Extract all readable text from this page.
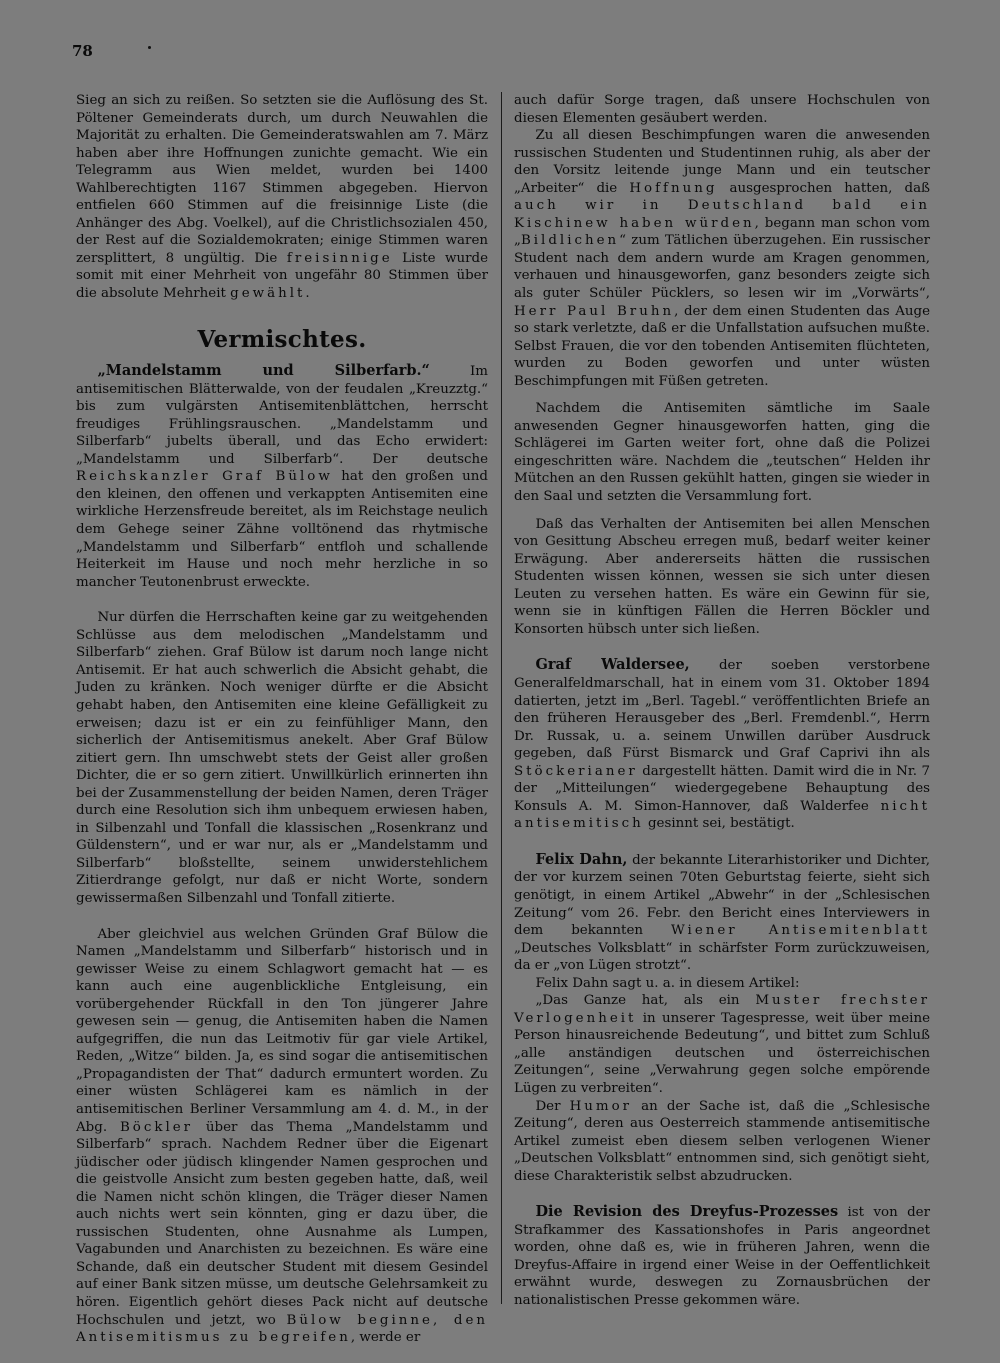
78

Sieg an sich zu reißen. So setzten sie die Auflösung des St. Pöltener Gemeinderats durch, um durch Neuwahlen die Majorität zu erhalten. Die Gemeinderatswahlen am 7. März haben aber ihre Hoffnungen zunichte gemacht. Wie ein Telegramm aus Wien meldet, wurden bei 1400 Wahlberechtigten 1167 Stimmen abgegeben. Hiervon entfielen 660 Stimmen auf die freisinnige Liste (die Anhänger des Abg. Voelkel), auf die Christlichsozialen 450, der Rest auf die Sozialdemokraten; einige Stimmen waren zersplittert, 8 ungültig. Die freisinnige Liste wurde somit mit einer Mehrheit von ungefähr 80 Stimmen über die absolute Mehrheit gewählt.

Vermischtes.

„Mandelstamm und Silberfarb.“ Im antisemitischen Blätterwalde, von der feudalen „Kreuzztg.“ bis zum vulgärsten Antisemitenblättchen, herrscht freudiges Frühlingsrauschen. „Mandelstamm und Silberfarb“ jubelts überall, und das Echo erwidert: „Mandelstamm und Silberfarb“. Der deutsche Reichskanzler Graf Bülow hat den großen und den kleinen, den offenen und verkappten Antisemiten eine wirkliche Herzensfreude bereitet, als im Reichstage neulich dem Gehege seiner Zähne volltönend das rhytmische „Mandelstamm und Silberfarb“ entfloh und schallende Heiterkeit im Hause und noch mehr herzliche in so mancher Teutonenbrust erweckte.

Nur dürfen die Herrschaften keine gar zu weitgehenden Schlüsse aus dem melodischen „Mandelstamm und Silberfarb“ ziehen. Graf Bülow ist darum noch lange nicht Antisemit. Er hat auch schwerlich die Absicht gehabt, die Juden zu kränken. Noch weniger dürfte er die Absicht gehabt haben, den Antisemiten eine kleine Gefälligkeit zu erweisen; dazu ist er ein zu feinfühliger Mann, den sicherlich der Antisemitismus anekelt. Aber Graf Bülow zitiert gern. Ihn umschwebt stets der Geist aller großen Dichter, die er so gern zitiert. Unwillkürlich erinnerten ihn bei der Zusammenstellung der beiden Namen, deren Träger durch eine Resolution sich ihm unbequem erwiesen haben, in Silbenzahl und Tonfall die klassischen „Rosenkranz und Güldenstern“, und er war nur, als er „Mandelstamm und Silberfarb“ bloßstellte, seinem unwiderstehlichem Zitierdrange gefolgt, nur daß er nicht Worte, sondern gewissermaßen Silbenzahl und Tonfall zitierte.

Aber gleichviel aus welchen Gründen Graf Bülow die Namen „Mandelstamm und Silberfarb“ historisch und in gewisser Weise zu einem Schlagwort gemacht hat — es kann auch eine augenblickliche Entgleisung, ein vorübergehender Rückfall in den Ton jüngerer Jahre gewesen sein — genug, die Antisemiten haben die Namen aufgegriffen, die nun das Leitmotiv für gar viele Artikel, Reden, „Witze“ bilden. Ja, es sind sogar die antisemitischen „Propagandisten der That“ dadurch ermuntert worden. Zu einer wüsten Schlägerei kam es nämlich in der antisemitischen Berliner Versammlung am 4. d. M., in der Abg. Böckler über das Thema „Mandelstamm und Silberfarb“ sprach. Nachdem Redner über die Eigenart jüdischer oder jüdisch klingender Namen gesprochen und die geistvolle Ansicht zum besten gegeben hatte, daß, weil die Namen nicht schön klingen, die Träger dieser Namen auch nichts wert sein könnten, ging er dazu über, die russischen Studenten, ohne Ausnahme als Lumpen, Vagabunden und Anarchisten zu bezeichnen. Es wäre eine Schande, daß ein deutscher Student mit diesem Gesindel auf einer Bank sitzen müsse, um deutsche Gelehrsamkeit zu hören. Eigentlich gehört dieses Pack nicht auf deutsche Hochschulen und jetzt, wo Bülow beginne, den Antisemitismus zu begreifen, werde er

auch dafür Sorge tragen, daß unsere Hochschulen von diesen Elementen gesäubert werden.

Zu all diesen Beschimpfungen waren die anwesenden russischen Studenten und Studentinnen ruhig, als aber der den Vorsitz leitende junge Mann und ein teutscher „Arbeiter“ die Hoffnung ausgesprochen hatten, daß auch wir in Deutschland bald ein Kischinew haben würden, begann man schon vom „Bildlichen“ zum Tätlichen überzugehen. Ein russischer Student nach dem andern wurde am Kragen genommen, verhauen und hinausgeworfen, ganz besonders zeigte sich als guter Schüler Pücklers, so lesen wir im „Vorwärts“, Herr Paul Bruhn, der dem einen Studenten das Auge so stark verletzte, daß er die Unfallstation aufsuchen mußte. Selbst Frauen, die vor den tobenden Antisemiten flüchteten, wurden zu Boden geworfen und unter wüsten Beschimpfungen mit Füßen getreten.

Nachdem die Antisemiten sämtliche im Saale anwesenden Gegner hinausgeworfen hatten, ging die Schlägerei im Garten weiter fort, ohne daß die Polizei eingeschritten wäre. Nachdem die „teutschen“ Helden ihr Mütchen an den Russen gekühlt hatten, gingen sie wieder in den Saal und setzten die Versammlung fort.

Daß das Verhalten der Antisemiten bei allen Menschen von Gesittung Abscheu erregen muß, bedarf weiter keiner Erwägung. Aber andererseits hätten die russischen Studenten wissen können, wessen sie sich unter diesen Leuten zu versehen hatten. Es wäre ein Gewinn für sie, wenn sie in künftigen Fällen die Herren Böckler und Konsorten hübsch unter sich ließen.

Graf Waldersee, der soeben verstorbene Generalfeldmarschall, hat in einem vom 31. Oktober 1894 datierten, jetzt im „Berl. Tagebl.“ veröffentlichten Briefe an den früheren Herausgeber des „Berl. Fremdenbl.“, Herrn Dr. Russak, u. a. seinem Unwillen darüber Ausdruck gegeben, daß Fürst Bismarck und Graf Caprivi ihn als Stöckerianer dargestellt hätten. Damit wird die in Nr. 7 der „Mitteilungen“ wiedergegebene Behauptung des Konsuls A. M. Simon-Hannover, daß Walderfee nicht antisemitisch gesinnt sei, bestätigt.

Felix Dahn, der bekannte Literarhistoriker und Dichter, der vor kurzem seinen 70ten Geburtstag feierte, sieht sich genötigt, in einem Artikel „Abwehr“ in der „Schlesischen Zeitung“ vom 26. Febr. den Bericht eines Interviewers in dem bekannten Wiener Antisemitenblatt „Deutsches Volksblatt“ in schärfster Form zurückzuweisen, da er „von Lügen strotzt“.

Felix Dahn sagt u. a. in diesem Artikel:

„Das Ganze hat, als ein Muster frechster Verlogenheit in unserer Tagespresse, weit über meine Person hinausreichende Bedeutung“, und bittet zum Schluß „alle anständigen deutschen und österreichischen Zeitungen“, seine „Verwahrung gegen solche empörende Lügen zu verbreiten“.

Der Humor an der Sache ist, daß die „Schlesische Zeitung“, deren aus Oesterreich stammende antisemitische Artikel zumeist eben diesem selben verlogenen Wiener „Deutschen Volksblatt“ entnommen sind, sich genötigt sieht, diese Charakteristik selbst abzudrucken.

Die Revision des Dreyfus-Prozesses ist von der Strafkammer des Kassationshofes in Paris angeordnet worden, ohne daß es, wie in früheren Jahren, wenn die Dreyfus-Affaire in irgend einer Weise in der Oeffentlichkeit erwähnt wurde, deswegen zu Zornausbrüchen der nationalistischen Presse gekommen wäre.
